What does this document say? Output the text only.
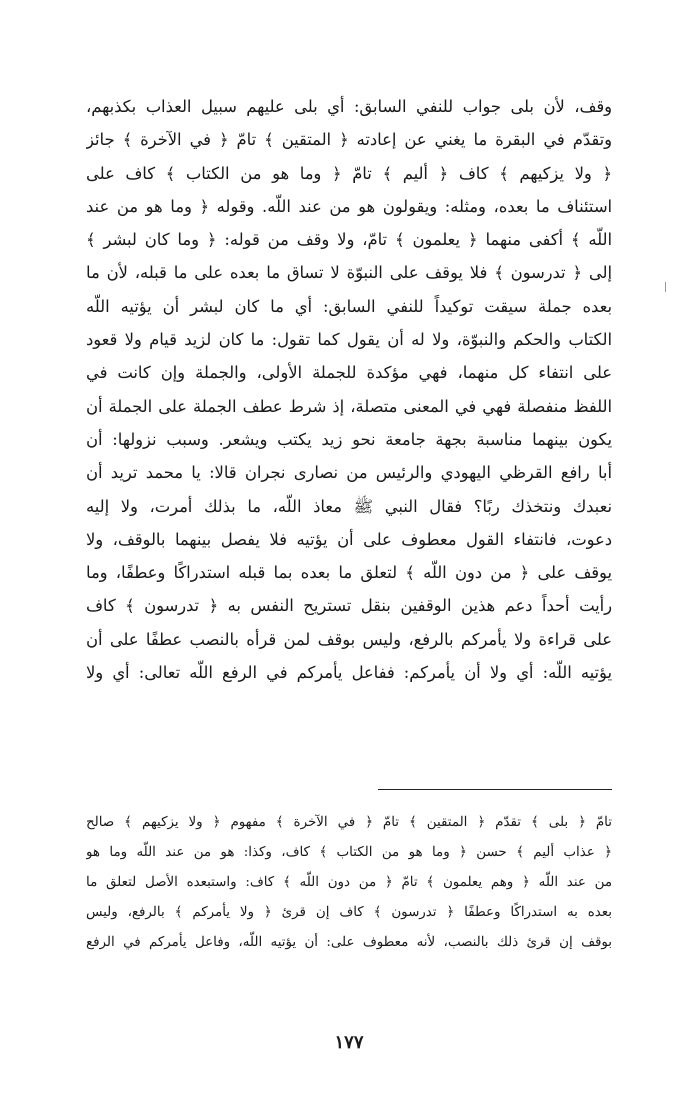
وقف، لأن بلى جواب للنفي السابق: أي بلى عليهم سبيل العذاب بكذبهم،
وتقدّم في البقرة ما يغني عن إعادته ﴿ المتقين ﴾ تامّ ﴿ في الآخرة ﴾ جائز
﴿ ولا يزكيهم ﴾ كاف ﴿ أليم ﴾ تامّ ﴿ وما هو من الكتاب ﴾ كاف على
استئناف ما بعده، ومثله: ويقولون هو من عند اللّه. وقوله ﴿ وما هو من عند
اللّه ﴾ أكفى منهما ﴿ يعلمون ﴾ تامّ، ولا وقف من قوله: ﴿ وما كان لبشر ﴾
إلى ﴿ تدرسون ﴾ فلا يوقف على النبوّة لا تساق ما بعده على ما قبله، لأن ما
بعده جملة سيقت توكيداً للنفي السابق: أي ما كان لبشر أن يؤتيه اللّه
الكتاب والحكم والنبوّة، ولا له أن يقول كما تقول: ما كان لزيد قيام ولا قعود
على انتفاء كل منهما، فهي مؤكدة للجملة الأولى، والجملة وإن كانت في
اللفظ منفصلة فهي في المعنى متصلة، إذ شرط عطف الجملة على الجملة أن
يكون بينهما مناسبة بجهة جامعة نحو زيد يكتب ويشعر. وسبب نزولها: أن
أبا رافع القرظي اليهودي والرئيس من نصارى نجران قالا: يا محمد تريد أن
نعبدك ونتخذك ربًا؟ فقال النبي ﷺ معاذ اللّه، ما بذلك أمرت، ولا إليه
دعوت، فانتفاء القول معطوف على أن يؤتيه فلا يفصل بينهما بالوقف، ولا
يوقف على ﴿ من دون اللّه ﴾ لتعلق ما بعده بما قبله استدراكًا وعطفًا، وما
رأيت أحداً دعم هذين الوقفين بنقل تستريح النفس به ﴿ تدرسون ﴾ كاف
على قراءة ولا يأمركم بالرفع، وليس بوقف لمن قرأه بالنصب عطفًا على أن
يؤتيه اللّه: أي ولا أن يأمركم: ففاعل يأمركم في الرفع اللّه تعالى: أي ولا
تامّ ﴿ بلى ﴾ تقدّم ﴿ المتقين ﴾ تامّ ﴿ في الآخرة ﴾ مفهوم ﴿ ولا يزكيهم ﴾ صالح
﴿ عذاب أليم ﴾ حسن ﴿ وما هو من الكتاب ﴾ كاف، وكذا: هو من عند اللّه وما هو
من عند اللّه ﴿ وهم يعلمون ﴾ تامّ ﴿ من دون اللّه ﴾ كاف: واستبعده الأصل لتعلق ما
بعده به استدراكًا وعطفًا ﴿ تدرسون ﴾ كاف إن قرئ ﴿ ولا يأمركم ﴾ بالرفع، وليس
بوقف إن قرئ ذلك بالنصب، لأنه معطوف على: أن يؤتيه اللّه، وفاعل يأمركم في الرفع
١٧٧
